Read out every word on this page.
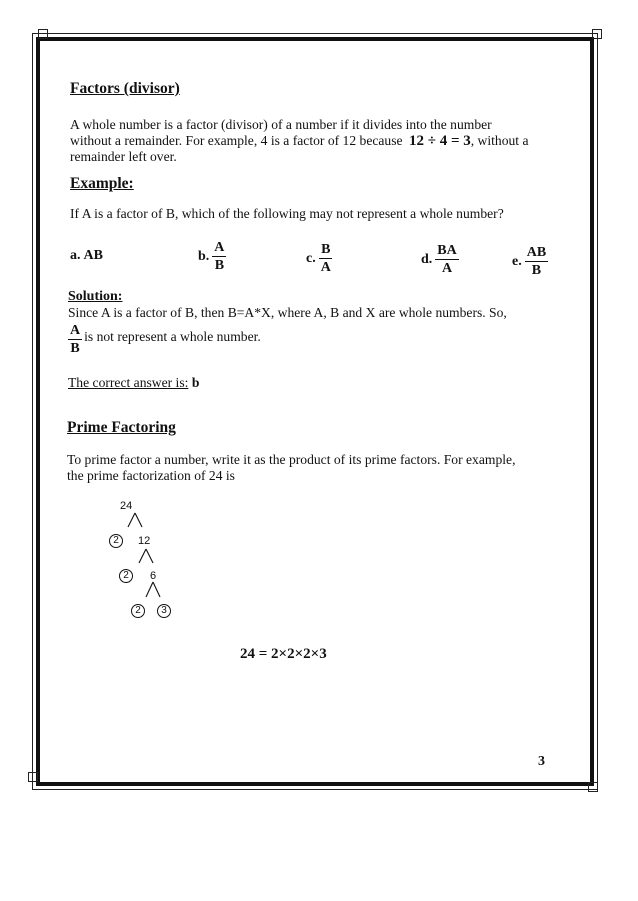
Factors (divisor)
A whole number is a factor (divisor) of a number if it divides into the number
without a remainder. For example, 4 is a factor of 12 because 12 ÷ 4 = 3, without a
remainder left over.
Example:
If A is a factor of B, which of the following may not represent a whole number?
a. AB	b. $\frac{A}{B}$	c. $\frac{B}{A}$	d. $\frac{BA}{A}$	e. $\frac{AB}{B}$
Solution:
Since A is a factor of B, then B=A*X, where A, B and X are whole numbers. So,
$\frac{A}{B}$ is not represent a whole number.
The correct answer is: b
Prime Factoring
To prime factor a number, write it as the product of its prime factors. For example,
the prime factorization of 24 is
24
2	12
2	6
2	3
24 = 2×2×2×3
3
